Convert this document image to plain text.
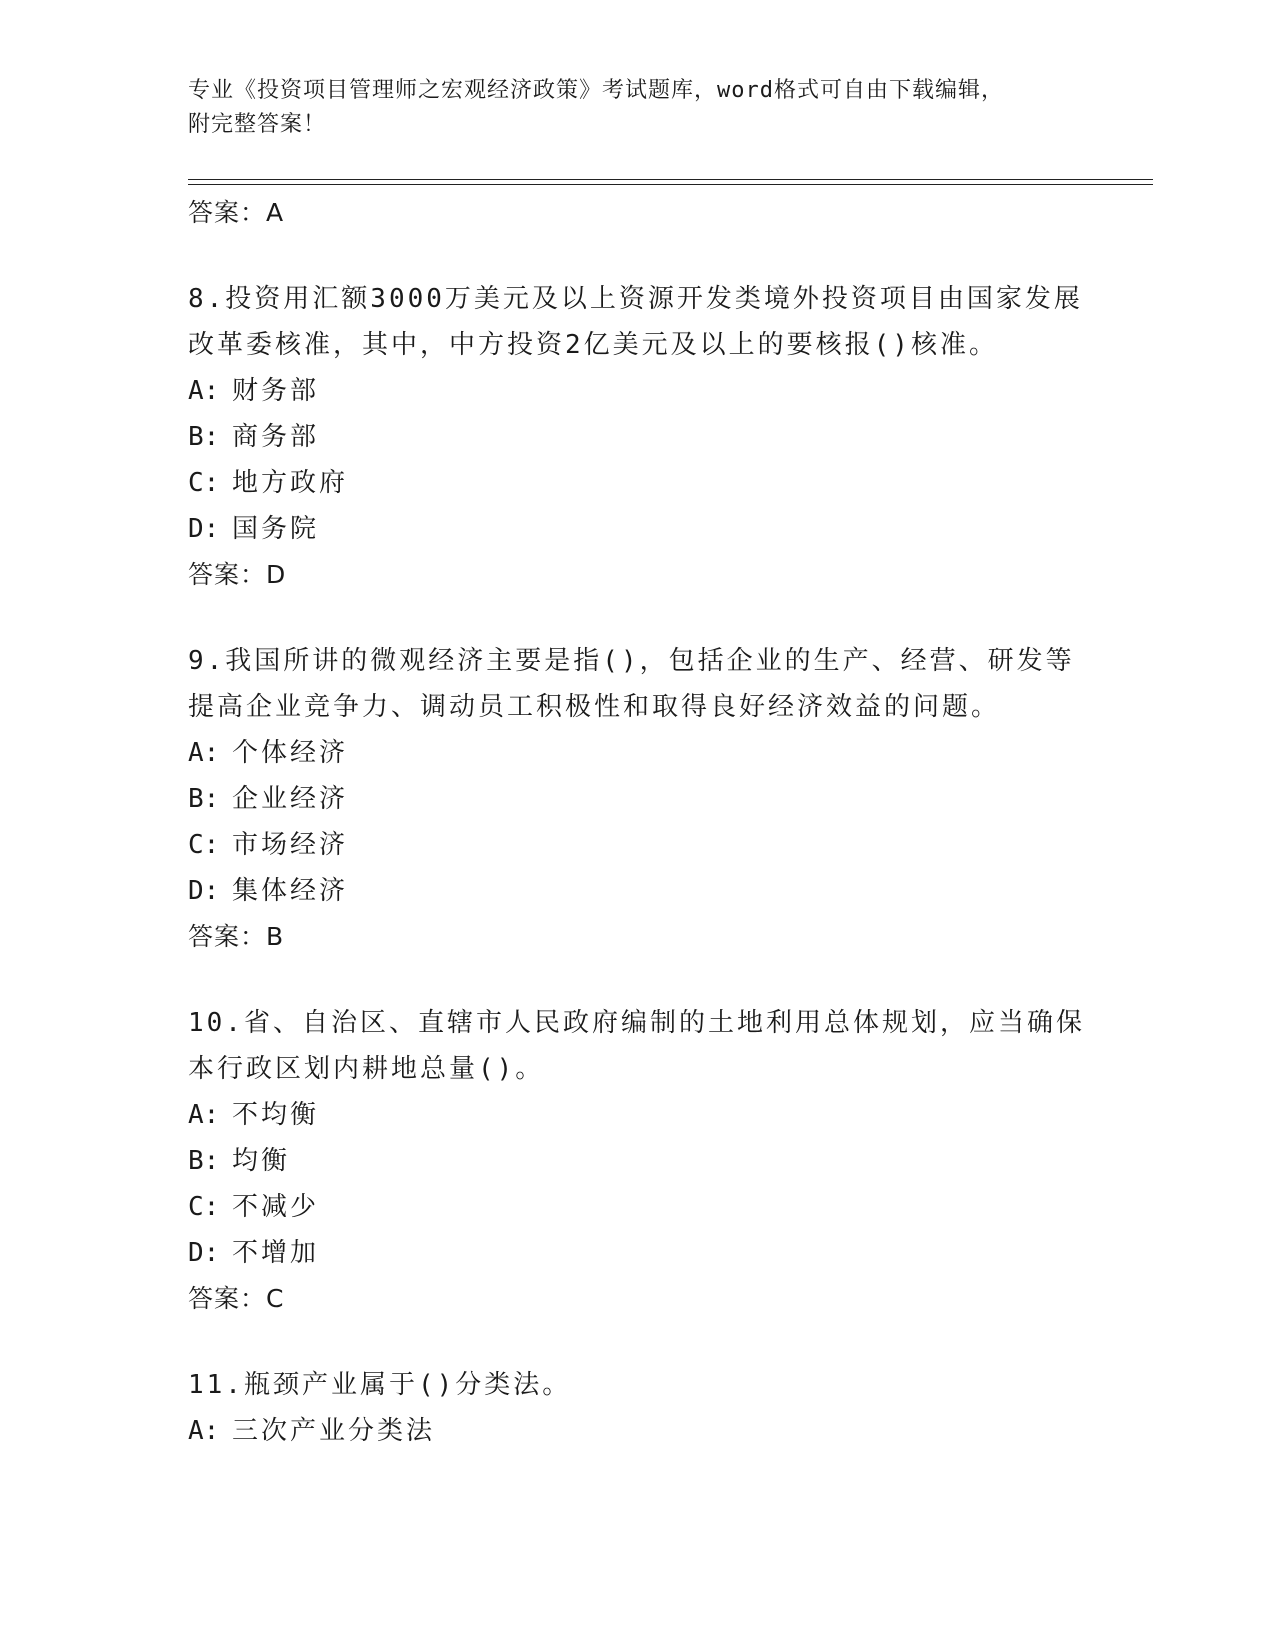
专业《投资项目管理师之宏观经济政策》考试题库，word格式可自由下载编辑，
附完整答案！
答案：A
8.投资用汇额3000万美元及以上资源开发类境外投资项目由国家发展
改革委核准，其中，中方投资2亿美元及以上的要核报()核准。
A: 财务部
B: 商务部
C: 地方政府
D: 国务院
答案：D
9.我国所讲的微观经济主要是指()，包括企业的生产、经营、研发等
提高企业竞争力、调动员工积极性和取得良好经济效益的问题。
A: 个体经济
B: 企业经济
C: 市场经济
D: 集体经济
答案：B
10.省、自治区、直辖市人民政府编制的土地利用总体规划，应当确保
本行政区划内耕地总量()。
A: 不均衡
B: 均衡
C: 不减少
D: 不增加
答案：C
11.瓶颈产业属于()分类法。
A: 三次产业分类法
